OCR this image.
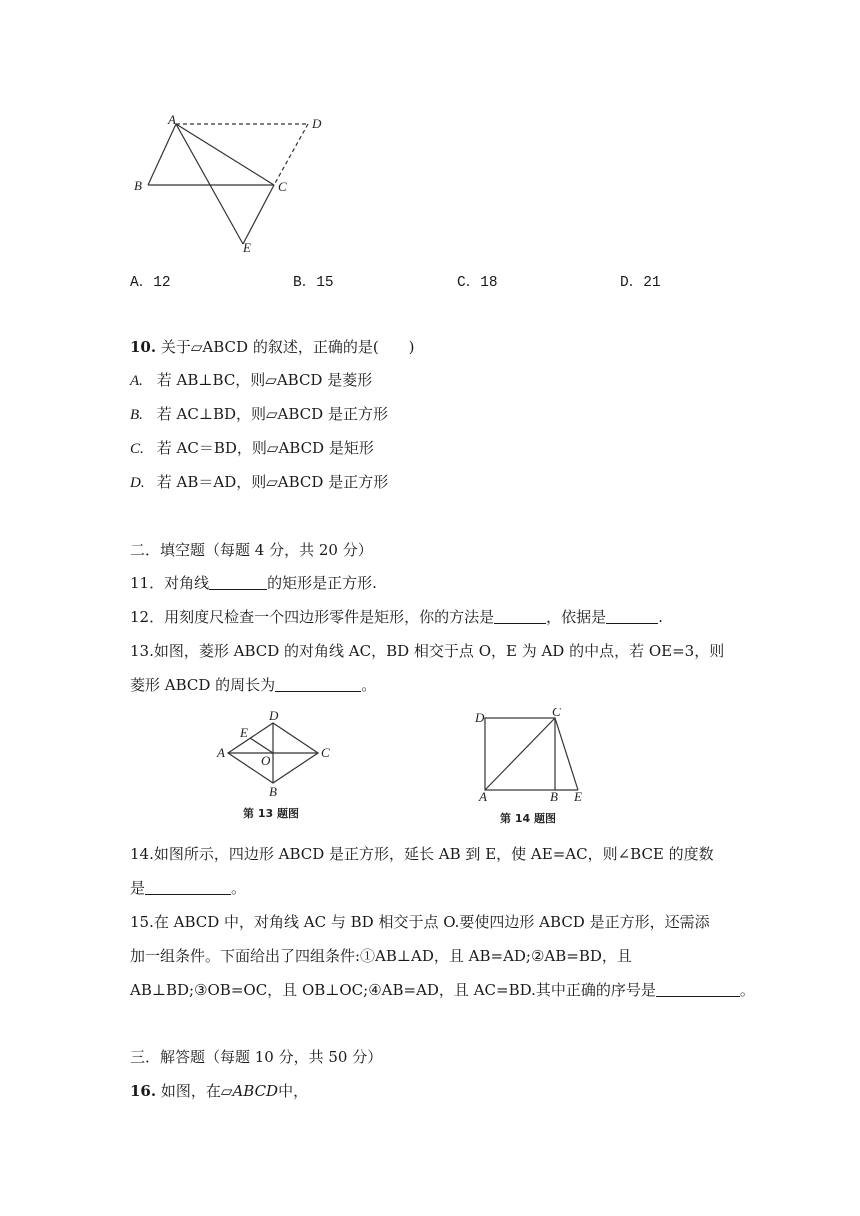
A	D
B	C
E
A．12	B．15	C．18	D．21
10. 关于▱ABCD 的叙述，正确的是(　　)
A. 若 AB⊥BC，则▱ABCD 是菱形
B. 若 AC⊥BD，则▱ABCD 是正方形
C. 若 AC＝BD，则▱ABCD 是矩形
D. 若 AB＝AD，则▱ABCD 是正方形
二．填空题（每题 4 分，共 20 分）
11．对角线	的矩形是正方形.
12．用刻度尺检查一个四边形零件是矩形，你的方法是	，依据是	.
13.如图，菱形 ABCD 的对角线 AC，BD 相交于点 O，E 为 AD 的中点，若 OE=3，则
菱形 ABCD 的周长为	。
A
D
E
O
C
B
第 13 题图
D	C
A	B E
第 14 题图
14.如图所示，四边形 ABCD 是正方形，延长 AB 到 E，使 AE=AC，则∠BCE 的度数
是	。
15.在 ABCD 中，对角线 AC 与 BD 相交于点 O.要使四边形 ABCD 是正方形，还需添
加一组条件。下面给出了四组条件:①AB⊥AD，且 AB=AD;②AB=BD，且
AB⊥BD;③OB=OC，且 OB⊥OC;④AB=AD，且 AC=BD.其中正确的序号是	。
三．解答题（每题 10 分，共 50 分）
16. 如图，在▱ABCD中，
